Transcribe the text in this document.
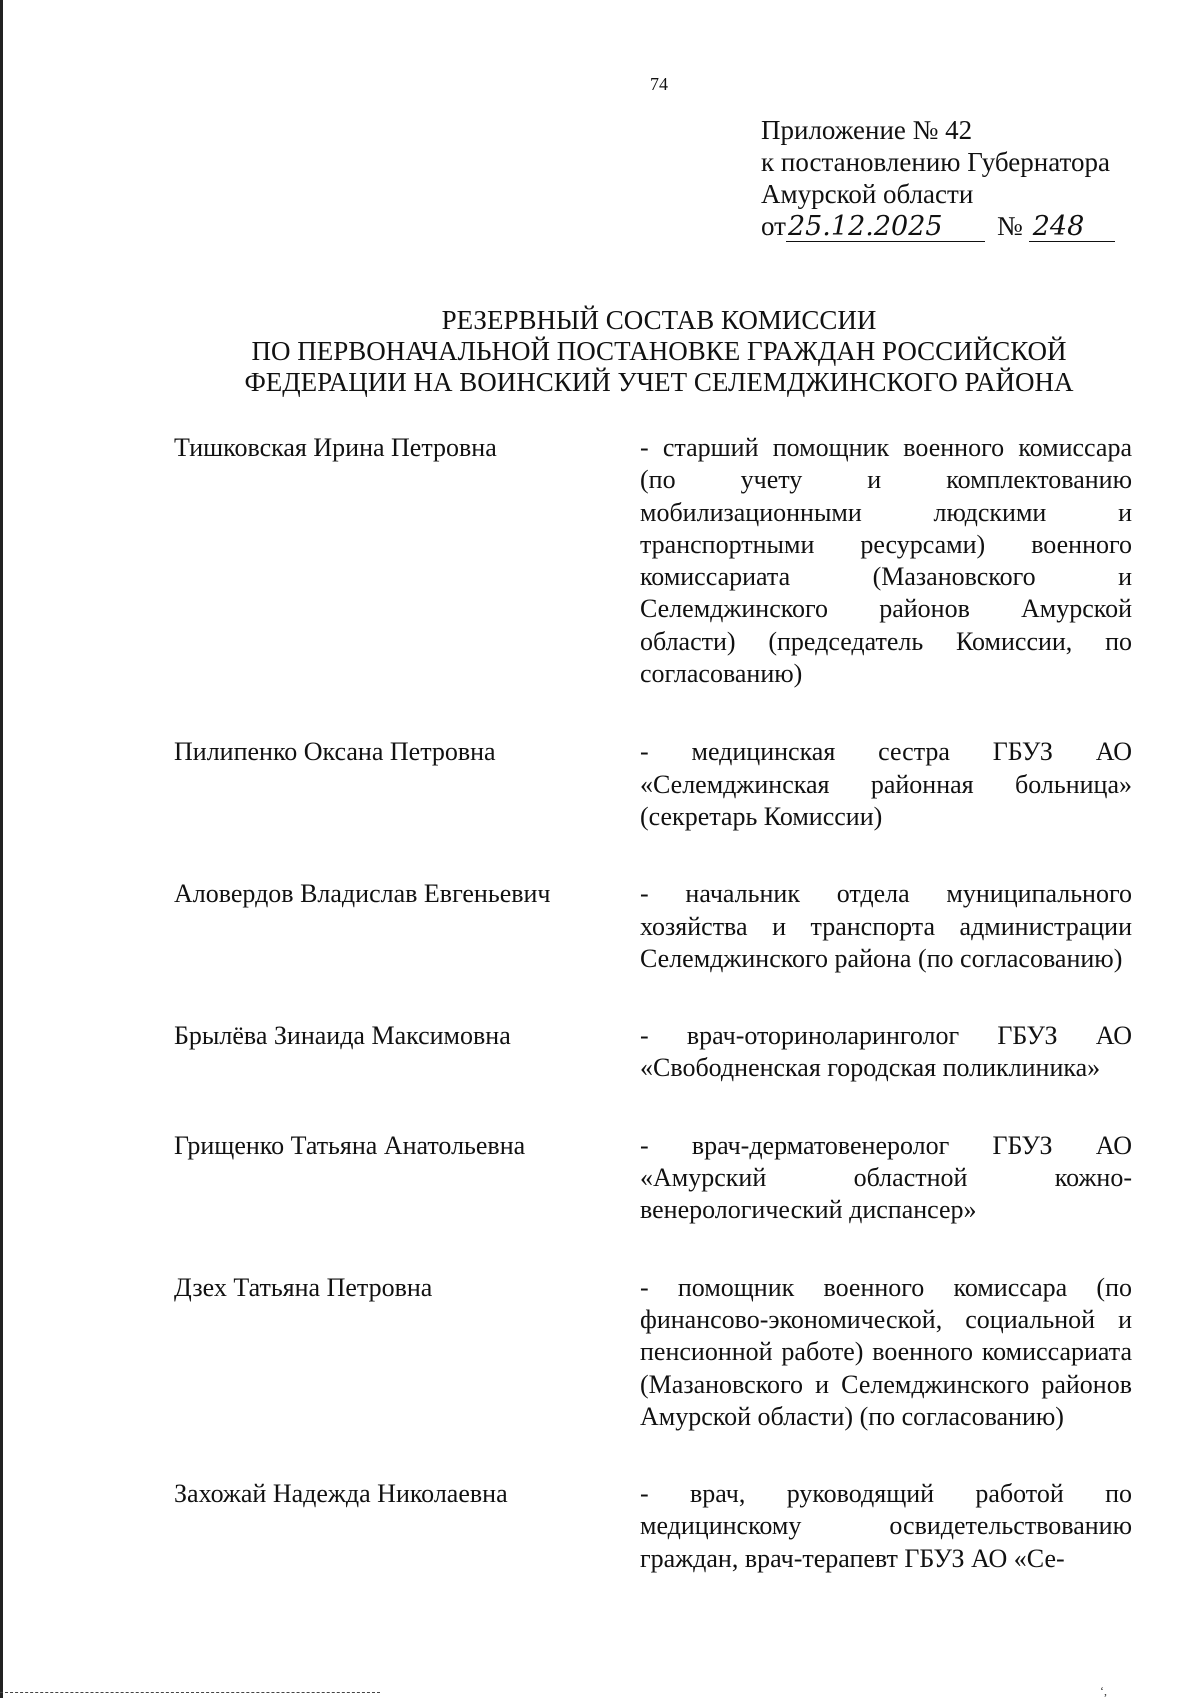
74
Приложение № 42
к постановлению Губернатора
Амурской области
от 25.12.2025	№ 248
РЕЗЕРВНЫЙ СОСТАВ КОМИССИИ
ПО ПЕРВОНАЧАЛЬНОЙ ПОСТАНОВКЕ ГРАЖДАН РОССИЙСКОЙ
ФЕДЕРАЦИИ НА ВОИНСКИЙ УЧЕТ СЕЛЕМДЖИНСКОГО РАЙОНА
Тишковская Ирина Петровна	- старший помощник военного комиссара (по учету и комплектованию мобилизационными людскими и транспортными ресурсами) военного комиссариата (Мазановского и Селемджинского районов Амурской области) (председатель Комиссии, по согласованию)
Пилипенко Оксана Петровна	- медицинская сестра ГБУЗ АО «Селемджинская районная больница» (секретарь Комиссии)
Аловердов Владислав Евгеньевич	- начальник отдела муниципального хозяйства и транспорта администрации Селемджинского района (по согласованию)
Брылёва Зинаида Максимовна	- врач-оториноларинголог ГБУЗ АО «Свободненская городская поликлиника»
Грищенко Татьяна Анатольевна	- врач-дерматовенеролог ГБУЗ АО «Амурский областной кожно-венерологический диспансер»
Дзех Татьяна Петровна	- помощник военного комиссара (по финансово-экономической, социальной и пенсионной работе) военного комиссариата (Мазановского и Селемджинского районов Амурской области) (по согласованию)
Захожай Надежда Николаевна	- врач, руководящий работой по медицинскому освидетельствованию граждан, врач-терапевт ГБУЗ АО «Се-
ʻ,
